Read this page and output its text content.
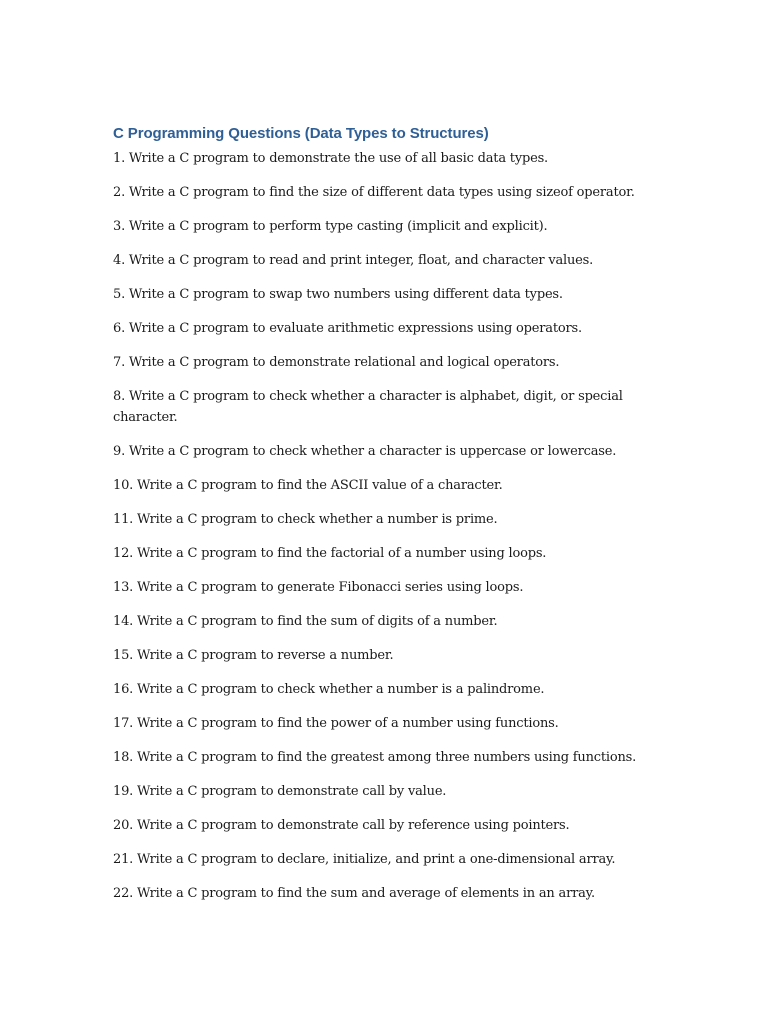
C Programming Questions (Data Types to Structures)
1. Write a C program to demonstrate the use of all basic data types.
2. Write a C program to find the size of different data types using sizeof operator.
3. Write a C program to perform type casting (implicit and explicit).
4. Write a C program to read and print integer, float, and character values.
5. Write a C program to swap two numbers using different data types.
6. Write a C program to evaluate arithmetic expressions using operators.
7. Write a C program to demonstrate relational and logical operators.
8. Write a C program to check whether a character is alphabet, digit, or special character.
9. Write a C program to check whether a character is uppercase or lowercase.
10. Write a C program to find the ASCII value of a character.
11. Write a C program to check whether a number is prime.
12. Write a C program to find the factorial of a number using loops.
13. Write a C program to generate Fibonacci series using loops.
14. Write a C program to find the sum of digits of a number.
15. Write a C program to reverse a number.
16. Write a C program to check whether a number is a palindrome.
17. Write a C program to find the power of a number using functions.
18. Write a C program to find the greatest among three numbers using functions.
19. Write a C program to demonstrate call by value.
20. Write a C program to demonstrate call by reference using pointers.
21. Write a C program to declare, initialize, and print a one-dimensional array.
22. Write a C program to find the sum and average of elements in an array.
